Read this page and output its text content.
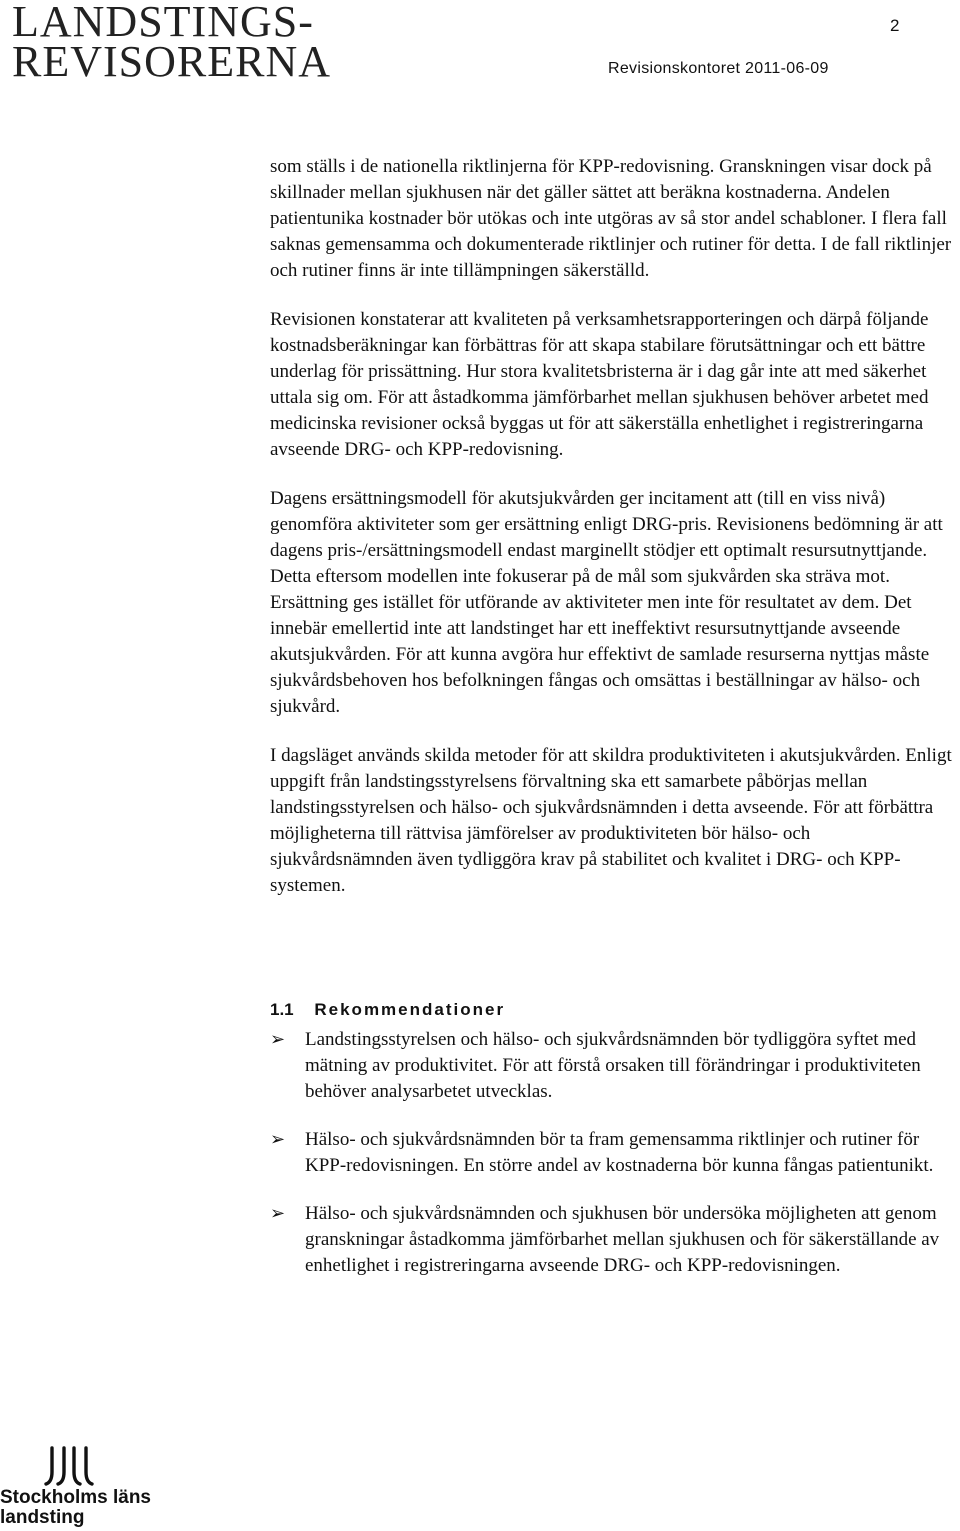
LANDSTINGS-
REVISORERNA
2
Revisionskontoret 2011-06-09

som ställs i de nationella riktlinjerna för KPP-redovisning. Granskningen visar dock på skillnader mellan sjukhusen när det gäller sättet att beräkna kostnaderna. Andelen patientunika kostnader bör utökas och inte utgöras av så stor andel schabloner. I flera fall saknas gemensamma och dokumenterade riktlinjer och rutiner för detta. I de fall riktlinjer och rutiner finns är inte tillämpningen säkerställd.

Revisionen konstaterar att kvaliteten på verksamhetsrapporteringen och därpå följande kostnadsberäkningar kan förbättras för att skapa stabilare förutsättningar och ett bättre underlag för prissättning. Hur stora kvalitetsbristerna är i dag går inte att med säkerhet uttala sig om. För att åstadkomma jämförbarhet mellan sjukhusen behöver arbetet med medicinska revisioner också byggas ut för att säkerställa enhetlighet i registreringarna avseende DRG- och KPP-redovisning.

Dagens ersättningsmodell för akutsjukvården ger incitament att (till en viss nivå) genomföra aktiviteter som ger ersättning enligt DRG-pris. Revisionens bedömning är att dagens pris-/ersättningsmodell endast marginellt stödjer ett optimalt resursutnyttjande. Detta eftersom modellen inte fokuserar på de mål som sjukvården ska sträva mot. Ersättning ges istället för utförande av aktiviteter men inte för resultatet av dem. Det innebär emellertid inte att landstinget har ett ineffektivt resursutnyttjande avseende akutsjukvården. För att kunna avgöra hur effektivt de samlade resurserna nyttjas måste sjukvårdsbehoven hos befolkningen fångas och omsättas i beställningar av hälso- och sjukvård.

I dagsläget används skilda metoder för att skildra produktiviteten i akutsjukvården. Enligt uppgift från landstingsstyrelsens förvaltning ska ett samarbete påbörjas mellan landstingsstyrelsen och hälso- och sjukvårdsnämnden i detta avseende. För att förbättra möjligheterna till rättvisa jämförelser av produktiviteten bör hälso- och sjukvårdsnämnden även tydliggöra krav på stabilitet och kvalitet i DRG- och KPP-systemen.

1.1 Rekommendationer
➢ Landstingsstyrelsen och hälso- och sjukvårdsnämnden bör tydliggöra syftet med mätning av produktivitet. För att förstå orsaken till förändringar i produktiviteten behöver analysarbetet utvecklas.
➢ Hälso- och sjukvårdsnämnden bör ta fram gemensamma riktlinjer och rutiner för KPP-redovisningen. En större andel av kostnaderna bör kunna fångas patientunikt.
➢ Hälso- och sjukvårdsnämnden och sjukhusen bör undersöka möjligheten att genom granskningar åstadkomma jämförbarhet mellan sjukhusen och för säkerställande av enhetlighet i registreringarna avseende DRG- och KPP-redovisningen.
Stockholms läns
landsting
